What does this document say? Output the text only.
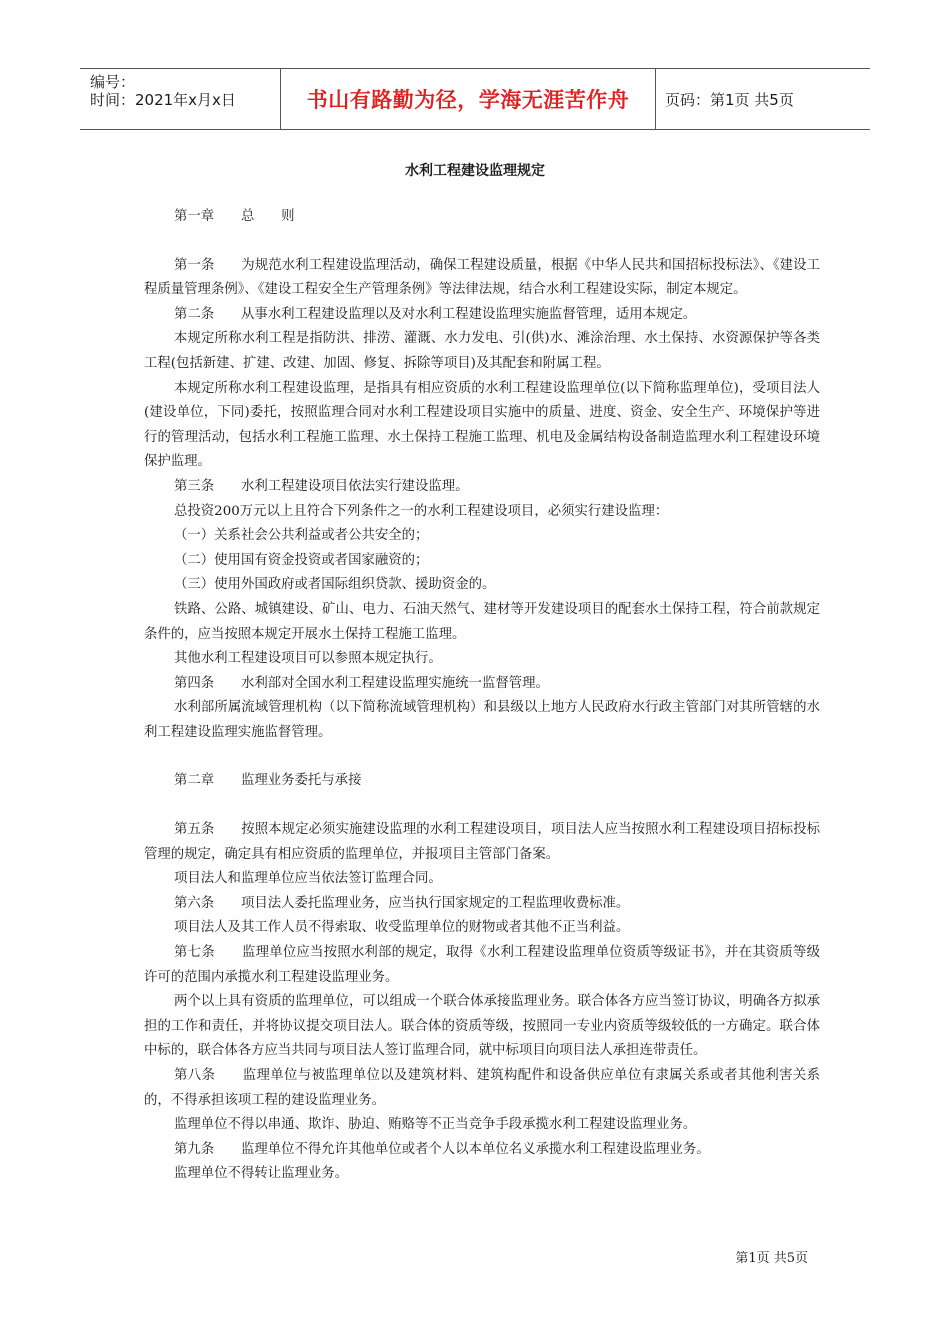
编号：
时间：2021年x月x日	书山有路勤为径，学海无涯苦作舟 页码：第1页 共5页
水利工程建设监理规定

第一章　　总　　则

第一条　　为规范水利工程建设监理活动，确保工程建设质量，根据《中华人民共和国招标投标法》、《建设工程质量管理条例》、《建设工程安全生产管理条例》等法律法规，结合水利工程建设实际，制定本规定。

第二条　　从事水利工程建设监理以及对水利工程建设监理实施监督管理，适用本规定。

本规定所称水利工程是指防洪、排涝、灌溉、水力发电、引(供)水、滩涂治理、水土保持、水资源保护等各类工程(包括新建、扩建、改建、加固、修复、拆除等项目)及其配套和附属工程。

本规定所称水利工程建设监理，是指具有相应资质的水利工程建设监理单位(以下简称监理单位)，受项目法人(建设单位，下同)委托，按照监理合同对水利工程建设项目实施中的质量、进度、资金、安全生产、环境保护等进行的管理活动，包括水利工程施工监理、水土保持工程施工监理、机电及金属结构设备制造监理水利工程建设环境保护监理。

第三条　　水利工程建设项目依法实行建设监理。

总投资200万元以上且符合下列条件之一的水利工程建设项目，必须实行建设监理：

（一）关系社会公共利益或者公共安全的；

（二）使用国有资金投资或者国家融资的；

（三）使用外国政府或者国际组织贷款、援助资金的。

铁路、公路、城镇建设、矿山、电力、石油天然气、建材等开发建设项目的配套水土保持工程，符合前款规定条件的，应当按照本规定开展水土保持工程施工监理。

其他水利工程建设项目可以参照本规定执行。

第四条　　水利部对全国水利工程建设监理实施统一监督管理。

水利部所属流域管理机构（以下简称流域管理机构）和县级以上地方人民政府水行政主管部门对其所管辖的水利工程建设监理实施监督管理。

第二章　　监理业务委托与承接

第五条　　按照本规定必须实施建设监理的水利工程建设项目，项目法人应当按照水利工程建设项目招标投标管理的规定，确定具有相应资质的监理单位，并报项目主管部门备案。

项目法人和监理单位应当依法签订监理合同。

第六条　　项目法人委托监理业务，应当执行国家规定的工程监理收费标准。

项目法人及其工作人员不得索取、收受监理单位的财物或者其他不正当利益。

第七条　　监理单位应当按照水利部的规定，取得《水利工程建设监理单位资质等级证书》，并在其资质等级许可的范围内承揽水利工程建设监理业务。

两个以上具有资质的监理单位，可以组成一个联合体承接监理业务。联合体各方应当签订协议，明确各方拟承担的工作和责任，并将协议提交项目法人。联合体的资质等级，按照同一专业内资质等级较低的一方确定。联合体中标的，联合体各方应当共同与项目法人签订监理合同，就中标项目向项目法人承担连带责任。

第八条　　监理单位与被监理单位以及建筑材料、建筑构配件和设备供应单位有隶属关系或者其他利害关系的，不得承担该项工程的建设监理业务。

监理单位不得以串通、欺诈、胁迫、贿赂等不正当竞争手段承揽水利工程建设监理业务。

第九条　　监理单位不得允许其他单位或者个人以本单位名义承揽水利工程建设监理业务。

监理单位不得转让监理业务。

第1页 共5页
